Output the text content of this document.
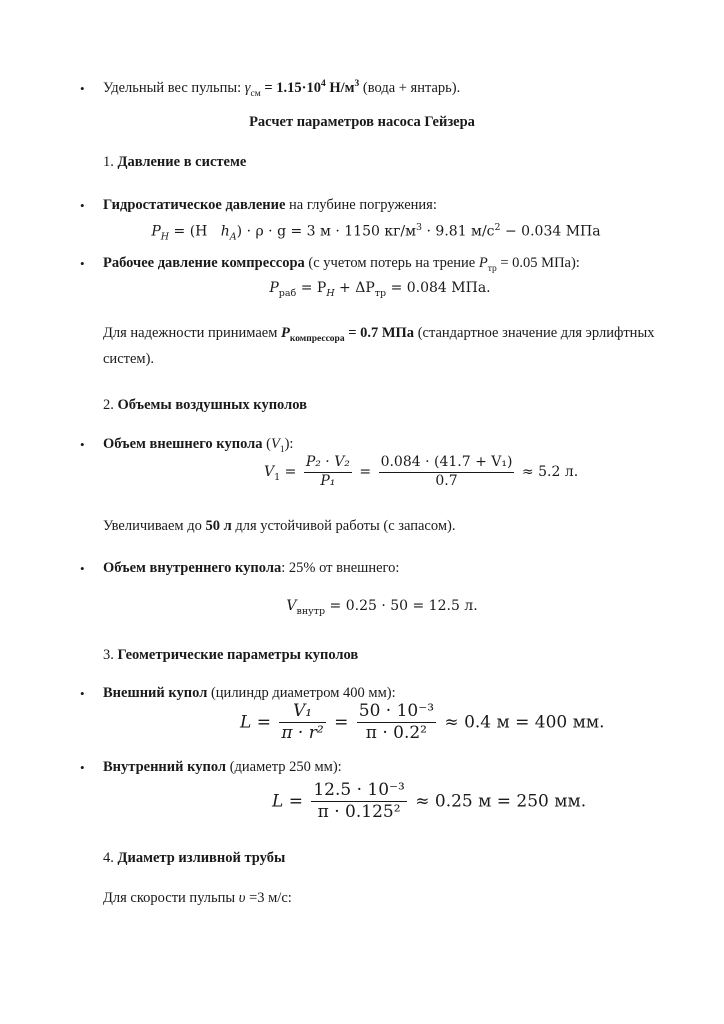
• Удельный вес пульпы: $\gamma_{см} = 1.15\cdot 10^4$ $Н/м^3$ (вода + янтарь).
Расчет параметров насоса Гейзера
1. Давление в системе
• Гидростатическое давление на глубине погружения:
$P_H = (H$ $h_A) \cdot \rho \cdot g = 3$ м · 1150 $кг/м^3 \cdot 9.81$ $м/с^2 - 0.034$ МПа
• Рабочее давление компрессора (с учетом потерь на трение $P_{тр} = 0.05$ МПа):
$P_{раб} = P_H + \Delta P_{тр} = 0.084$ МПа.
Для надежности принимаем $P_{компрессора} = 0.7$ МПа (стандартное значение для эрлифтных систем).
2. Объемы воздушных куполов
• Объем внешнего купола $(V_1)$:
$V_1 = \frac{\text{P₂ · V₂}}{\text{P₁}} = \frac{\text{0.084 · (41.7 + V₁)}}{0.7} \approx 5.2$ л.
Увеличиваем до 50 л для устойчивой работы (с запасом).
• Объем внутреннего купола: 25% от внешнего:
$V_{внутр} = 0.25 \cdot 50 = 12.5$ л.
3. Геометрические параметры куполов
• Внешний купол (цилиндр диаметром 400 мм):
$L = \frac{\text{V₁}}{\text{π · r²}} = \frac{\text{50 · 10⁻³}}{\text{π · 0.2²}} \approx 0.4$ м = 400 мм.
• Внутренний купол (диаметр 250 мм):
$L = \frac{\text{12.5 · 10⁻³}}{\text{π · 0.125²}} \approx 0.25$ м = 250 мм.
4. Диаметр изливной трубы
Для скорости пульпы υ =3 м/с:
